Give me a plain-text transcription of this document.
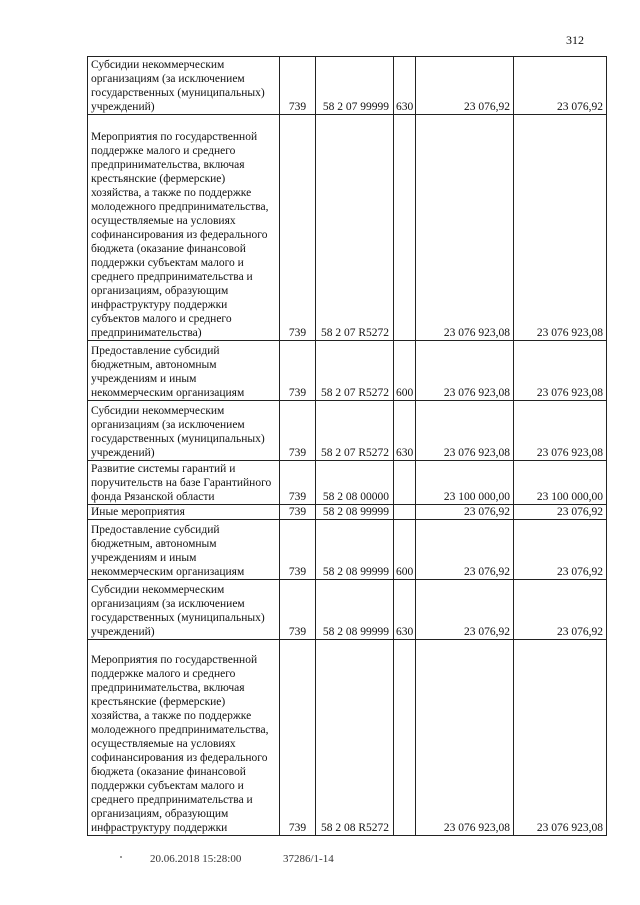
312
Субсидии некоммерческим организациям (за исключением государственных (муниципальных) учреждений)	739	58 2 07 99999	630	23 076,92	23 076,92
Мероприятия по государственной поддержке малого и среднего предпринимательства, включая крестьянские (фермерские) хозяйства, а также по поддержке молодежного предпринимательства, осуществляемые на условиях софинансирования из федерального бюджета (оказание финансовой поддержки субъектам малого и среднего предпринимательства и организациям, образующим инфраструктуру поддержки субъектов малого и среднего предпринимательства)	739	58 2 07 R5272		23 076 923,08	23 076 923,08
Предоставление субсидий бюджетным, автономным учреждениям и иным некоммерческим организациям	739	58 2 07 R5272	600	23 076 923,08	23 076 923,08
Субсидии некоммерческим организациям (за исключением государственных (муниципальных) учреждений)	739	58 2 07 R5272	630	23 076 923,08	23 076 923,08
Развитие системы гарантий и поручительств на базе Гарантийного фонда Рязанской области	739	58 2 08 00000		23 100 000,00	23 100 000,00
Иные мероприятия	739	58 2 08 99999		23 076,92	23 076,92
Предоставление субсидий бюджетным, автономным учреждениям и иным некоммерческим организациям	739	58 2 08 99999	600	23 076,92	23 076,92
Субсидии некоммерческим организациям (за исключением государственных (муниципальных) учреждений)	739	58 2 08 99999	630	23 076,92	23 076,92
Мероприятия по государственной поддержке малого и среднего предпринимательства, включая крестьянские (фермерские) хозяйства, а также по поддержке молодежного предпринимательства, осуществляемые на условиях софинансирования из федерального бюджета (оказание финансовой поддержки субъектам малого и среднего предпринимательства и организациям, образующим инфраструктуру поддержки	739	58 2 08 R5272		23 076 923,08	23 076 923,08
20.06.2018 15:28:00	37286/1-14
